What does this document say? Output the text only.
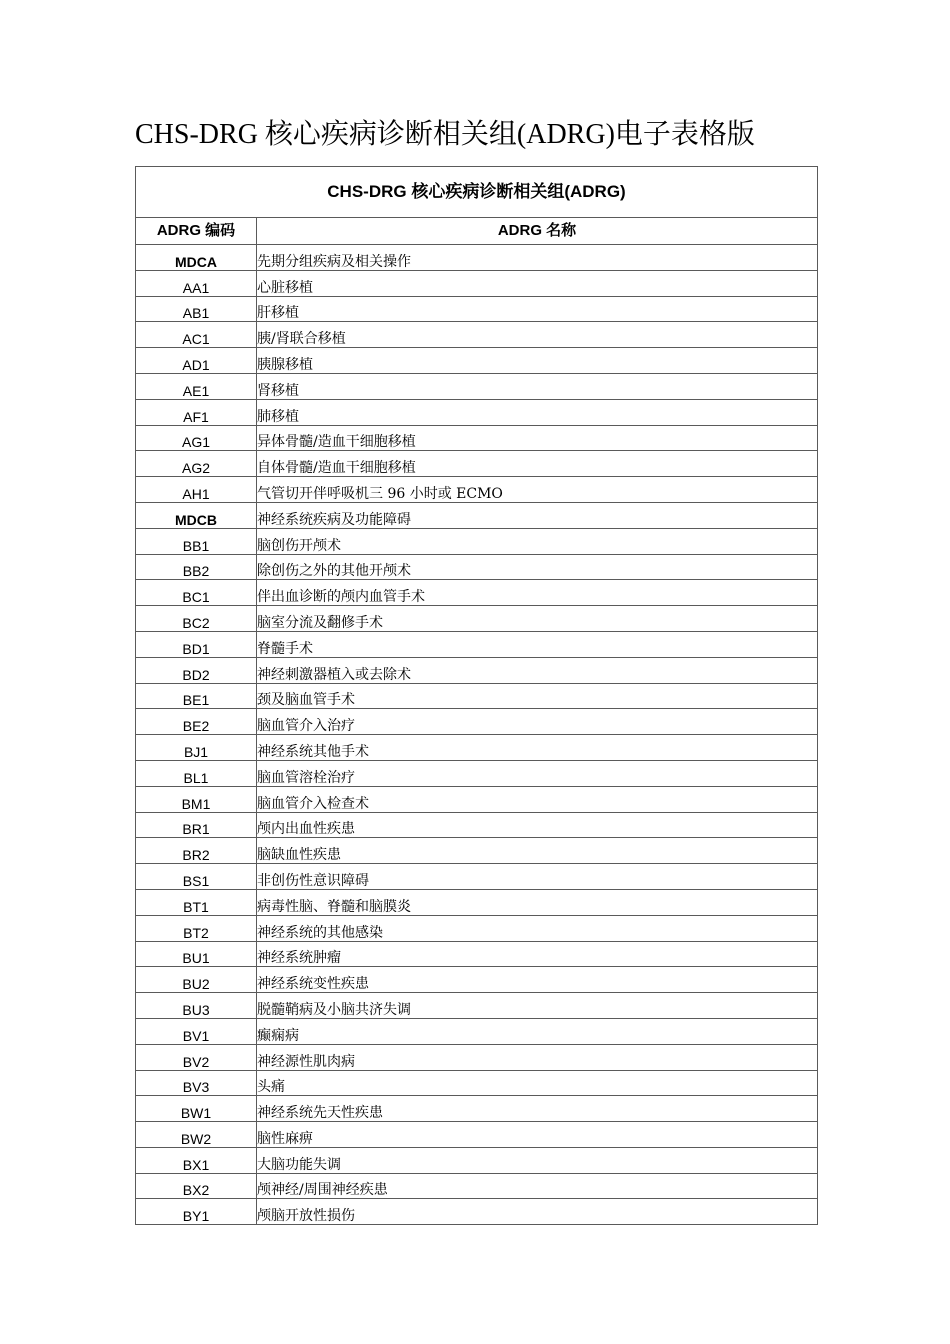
CHS-DRG 核心疾病诊断相关组(ADRG)电子表格版
CHS-DRG 核心疾病诊断相关组(ADRG)	
ADRG 编码	ADRG 名称
MDCA	先期分组疾病及相关操作
AA1	心脏移植
AB1	肝移植
AC1	胰/肾联合移植
AD1	胰腺移植
AE1	肾移植
AF1	肺移植
AG1	异体骨髓/造血干细胞移植
AG2	自体骨髓/造血干细胞移植
AH1	气管切开伴呼吸机三 96 小时或 ECMO
MDCB	神经系统疾病及功能障碍
BB1	脑创伤开颅术
BB2	除创伤之外的其他开颅术
BC1	伴出血诊断的颅内血管手术
BC2	脑室分流及翻修手术
BD1	脊髓手术
BD2	神经刺激器植入或去除术
BE1	颈及脑血管手术
BE2	脑血管介入治疗
BJ1	神经系统其他手术
BL1	脑血管溶栓治疗
BM1	脑血管介入检查术
BR1	颅内出血性疾患
BR2	脑缺血性疾患
BS1	非创伤性意识障碍
BT1	病毒性脑、脊髓和脑膜炎
BT2	神经系统的其他感染
BU1	神经系统肿瘤
BU2	神经系统变性疾患
BU3	脱髓鞘病及小脑共济失调
BV1	癫痫病
BV2	神经源性肌肉病
BV3	头痛
BW1	神经系统先天性疾患
BW2	脑性麻痹
BX1	大脑功能失调
BX2	颅神经/周围神经疾患
BY1	颅脑开放性损伤
